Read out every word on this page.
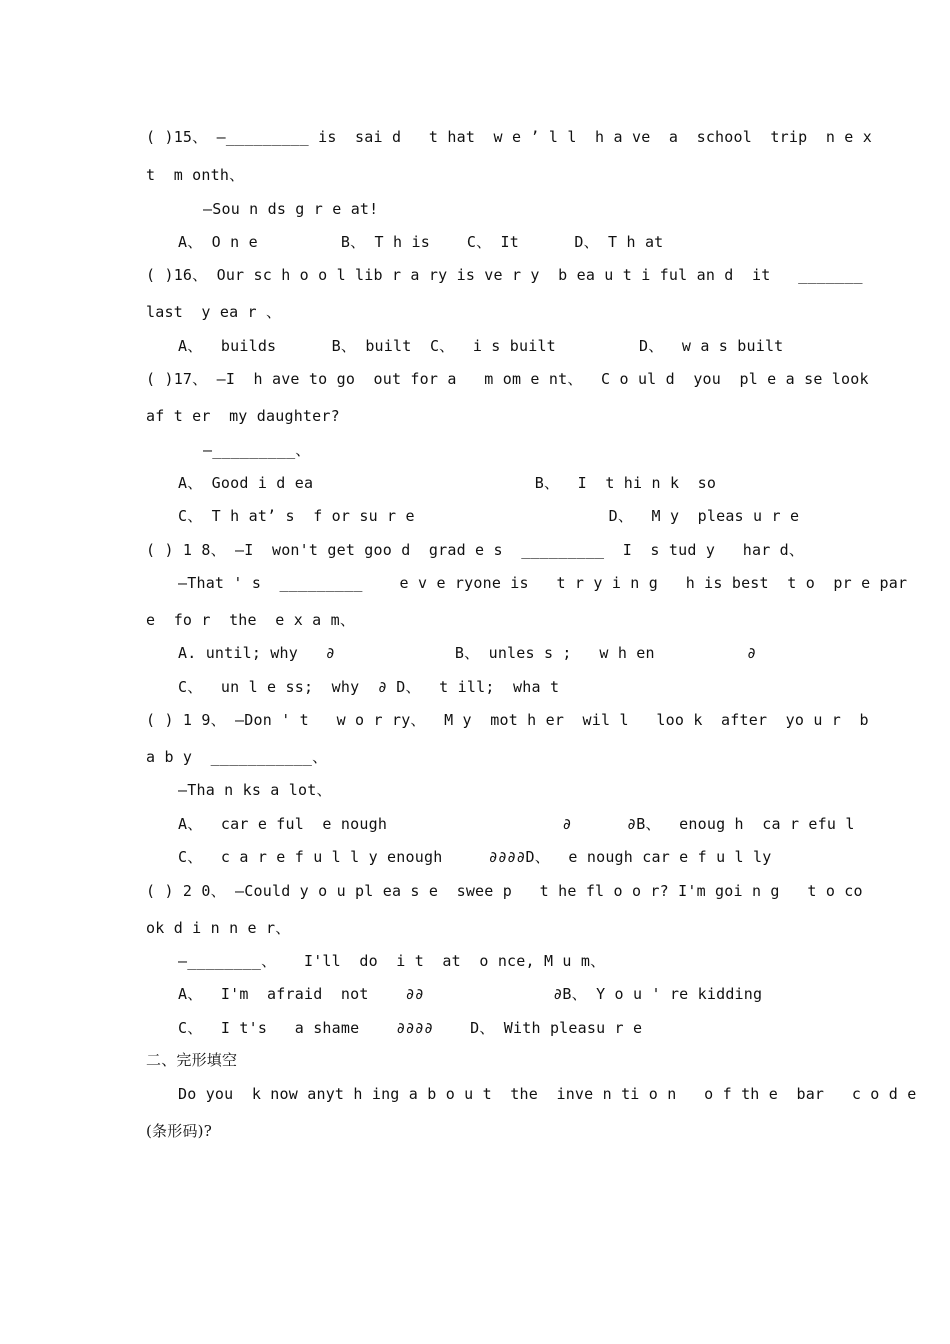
( )15、 —_________ is  sai d   t hat  w e ’ l l  h a ve  a  school  trip  n e x
t  m onth、
—Sou n ds g r e at!
A、 O n e         B、 T h is    C、 It      D、 T h at
( )16、 Our sc h o o l lib r a ry is ve r y  b ea u t i ful an d  it   _______
last  y ea r 、
A、  builds      B、 built  C、  i s built         D、  w a s built
( )17、 —I  h ave to go  out for a   m om e nt、  C o ul d  you  pl e a se look
af t er  my daughter?
—_________、
A、 Good i d ea                        B、  I  t hi n k  so
C、 T h at’ s  f or su r e                     D、  M y  pleas u r e
( ) 1 8、 —I  won't get goo d  grad e s  _________  I  s tud y   har d、
—That ' s  _________    e v e ryone is   t r y i n g   h is best  t o  pr e par
e  fo r  the  e x a m、
A. until; why   ∂             B、 unles s ;   w h en          ∂
C、  un l e ss;  why  ∂ D、  t ill;  wha t
( ) 1 9、 —Don ' t   w o r ry、  M y  mot h er  wil l   loo k  after  yo u r  b
a b y  ___________、
—Tha n ks a lot、
A、  car e ful  e nough                   ∂      ∂B、  enoug h  ca r efu l
C、  c a r e f u l l y enough     ∂∂∂∂D、  e nough car e f u l ly
( ) 2 0、 —Could y o u pl ea s e  swee p   t he fl o o r? I'm goi n g   t o co
ok d i n n e r、
—________、   I'll  do  i t  at  o nce, M u m、
A、  I'm  afraid  not    ∂∂              ∂B、 Y o u ' re kidding
C、  I t's   a shame    ∂∂∂∂    D、 With pleasu r e
二、完形填空
Do you  k now anyt h ing a b o u t  the  inve n ti o n   o f th e  bar   c o d e
(条形码)?
